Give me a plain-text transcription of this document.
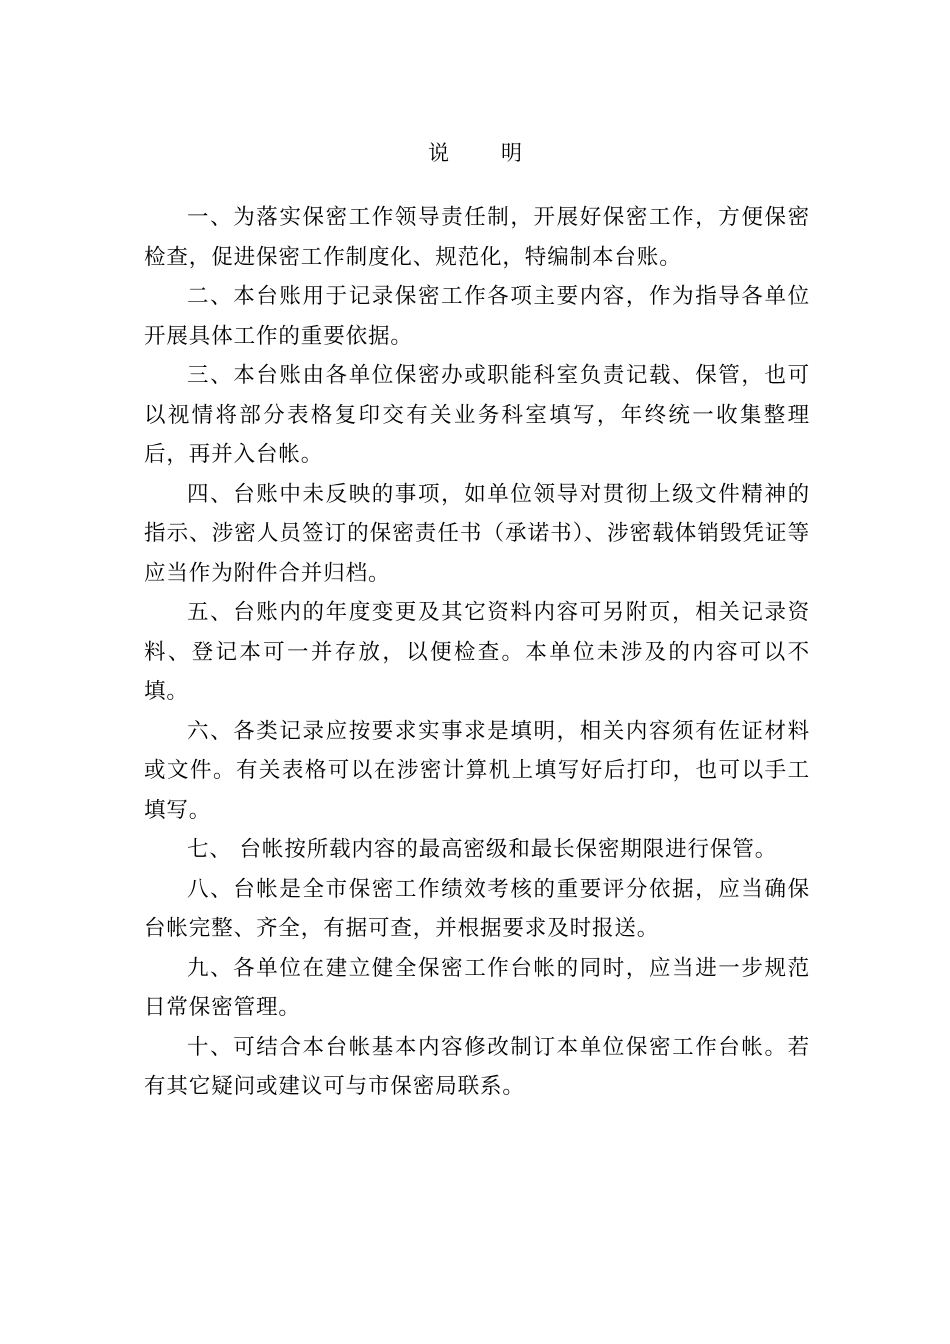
说 明

一、为落实保密工作领导责任制，开展好保密工作，方便保密检查，促进保密工作制度化、规范化，特编制本台账。

二、本台账用于记录保密工作各项主要内容，作为指导各单位开展具体工作的重要依据。

三、本台账由各单位保密办或职能科室负责记载、保管，也可以视情将部分表格复印交有关业务科室填写，年终统一收集整理后，再并入台帐。

四、台账中未反映的事项，如单位领导对贯彻上级文件精神的指示、涉密人员签订的保密责任书（承诺书）、涉密载体销毁凭证等应当作为附件合并归档。

五、台账内的年度变更及其它资料内容可另附页，相关记录资料、登记本可一并存放，以便检查。本单位未涉及的内容可以不填。

六、各类记录应按要求实事求是填明，相关内容须有佐证材料或文件。有关表格可以在涉密计算机上填写好后打印，也可以手工填写。

七、 台帐按所载内容的最高密级和最长保密期限进行保管。

八、台帐是全市保密工作绩效考核的重要评分依据，应当确保台帐完整、齐全，有据可查，并根据要求及时报送。

九、各单位在建立健全保密工作台帐的同时，应当进一步规范日常保密管理。

十、可结合本台帐基本内容修改制订本单位保密工作台帐。若有其它疑问或建议可与市保密局联系。
